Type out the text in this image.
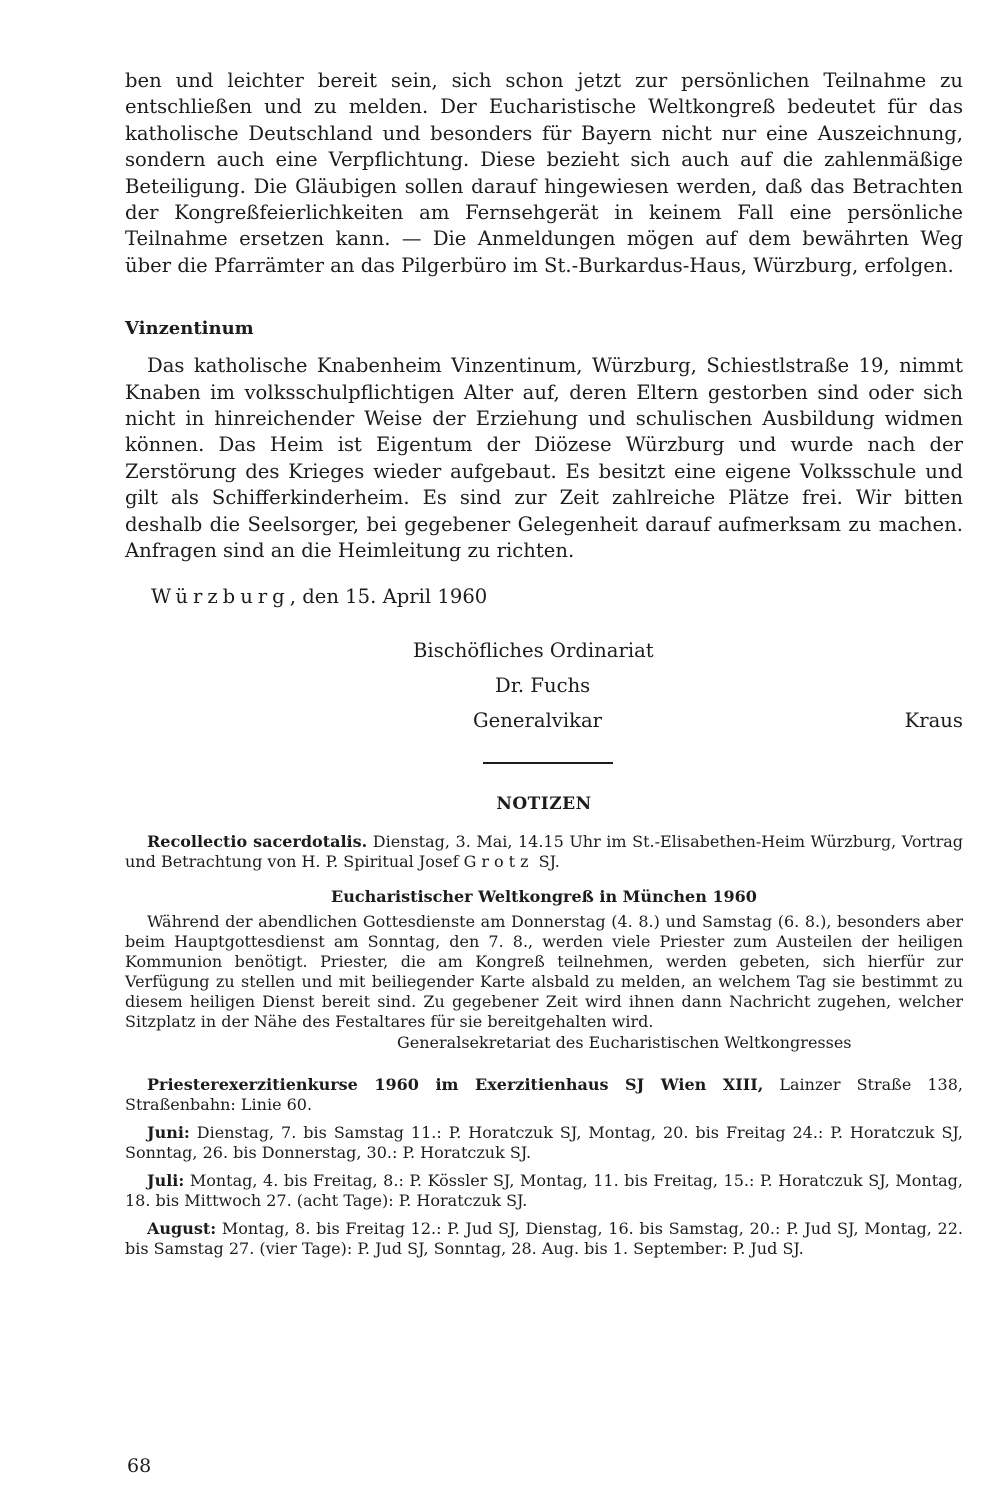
ben und leichter bereit sein, sich schon jetzt zur persönlichen Teilnahme zu entschließen und zu melden. Der Eucharistische Weltkongreß bedeutet für das katholische Deutschland und besonders für Bayern nicht nur eine Auszeichnung, sondern auch eine Verpflichtung. Diese bezieht sich auch auf die zahlenmäßige Beteiligung. Die Gläubigen sollen darauf hingewiesen werden, daß das Betrachten der Kongreßfeierlichkeiten am Fernsehgerät in keinem Fall eine persönliche Teilnahme ersetzen kann. — Die Anmeldungen mögen auf dem bewährten Weg über die Pfarrämter an das Pilgerbüro im St.-Burkardus-Haus, Würzburg, erfolgen.

Vinzentinum

Das katholische Knabenheim Vinzentinum, Würzburg, Schiestlstraße 19, nimmt Knaben im volksschulpflichtigen Alter auf, deren Eltern gestorben sind oder sich nicht in hinreichender Weise der Erziehung und schulischen Ausbildung widmen können. Das Heim ist Eigentum der Diözese Würzburg und wurde nach der Zerstörung des Krieges wieder aufgebaut. Es besitzt eine eigene Volksschule und gilt als Schifferkinderheim. Es sind zur Zeit zahlreiche Plätze frei. Wir bitten deshalb die Seelsorger, bei gegebener Gelegenheit darauf aufmerksam zu machen. Anfragen sind an die Heimleitung zu richten.

Würzburg, den 15. April 1960

Bischöfliches Ordinariat
Dr. Fuchs
Generalvikar	Kraus
NOTIZEN

Recollectio sacerdotalis. Dienstag, 3. Mai, 14.15 Uhr im St.-Elisabethen-Heim Würzburg, Vortrag und Betrachtung von H. P. Spiritual Josef Grotz SJ.

Eucharistischer Weltkongreß in München 1960

Während der abendlichen Gottesdienste am Donnerstag (4. 8.) und Samstag (6. 8.), besonders aber beim Hauptgottesdienst am Sonntag, den 7. 8., werden viele Priester zum Austeilen der heiligen Kommunion benötigt. Priester, die am Kongreß teilnehmen, werden gebeten, sich hierfür zur Verfügung zu stellen und mit beiliegender Karte alsbald zu melden, an welchem Tag sie bestimmt zu diesem heiligen Dienst bereit sind. Zu gegebener Zeit wird ihnen dann Nachricht zugehen, welcher Sitzplatz in der Nähe des Festaltares für sie bereitgehalten wird.

Generalsekretariat des Eucharistischen Weltkongresses

Priesterexerzitienkurse 1960 im Exerzitienhaus SJ Wien XIII, Lainzer Straße 138, Straßenbahn: Linie 60.

Juni: Dienstag, 7. bis Samstag 11.: P. Horatczuk SJ, Montag, 20. bis Freitag 24.: P. Horatczuk SJ, Sonntag, 26. bis Donnerstag, 30.: P. Horatczuk SJ.

Juli: Montag, 4. bis Freitag, 8.: P. Kössler SJ, Montag, 11. bis Freitag, 15.: P. Horatczuk SJ, Montag, 18. bis Mittwoch 27. (acht Tage): P. Horatczuk SJ.

August: Montag, 8. bis Freitag 12.: P. Jud SJ, Dienstag, 16. bis Samstag, 20.: P. Jud SJ, Montag, 22. bis Samstag 27. (vier Tage): P. Jud SJ, Sonntag, 28. Aug. bis 1. September: P. Jud SJ.

68
